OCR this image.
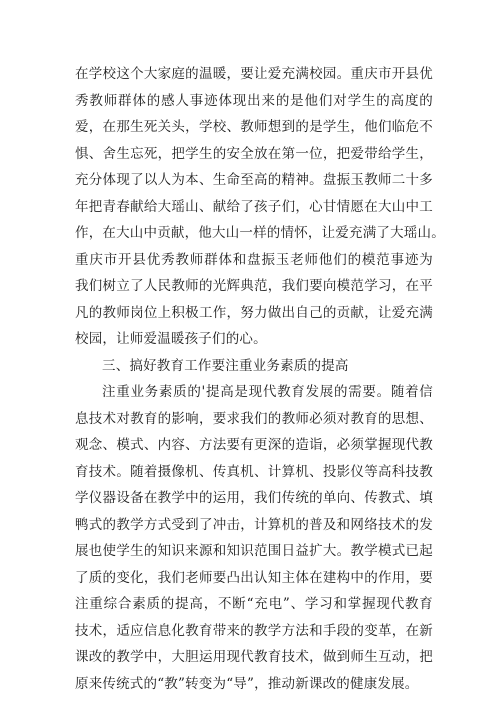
在学校这个大家庭的温暖，要让爱充满校园。重庆市开县优
秀教师群体的感人事迹体现出来的是他们对学生的高度的
爱，在那生死关头，学校、教师想到的是学生，他们临危不
惧、舍生忘死，把学生的安全放在第一位，把爱带给学生，
充分体现了以人为本、生命至高的精神。盘振玉教师二十多
年把青春献给大瑶山、献给了孩子们，心甘情愿在大山中工
作，在大山中贡献，他大山一样的情怀，让爱充满了大瑶山。
重庆市开县优秀教师群体和盘振玉老师他们的模范事迹为
我们树立了人民教师的光辉典范，我们要向模范学习，在平
凡的教师岗位上积极工作，努力做出自己的贡献，让爱充满
校园，让师爱温暖孩子们的心。
三、搞好教育工作要注重业务素质的提高
注重业务素质的'提高是现代教育发展的需要。随着信
息技术对教育的影响，要求我们的教师必须对教育的思想、
观念、模式、内容、方法要有更深的造诣，必须掌握现代教
育技术。随着摄像机、传真机、计算机、投影仪等高科技教
学仪器设备在教学中的运用，我们传统的单向、传教式、填
鸭式的教学方式受到了冲击，计算机的普及和网络技术的发
展也使学生的知识来源和知识范围日益扩大。教学模式已起
了质的变化，我们老师要凸出认知主体在建构中的作用，要
注重综合素质的提高，不断“充电”、学习和掌握现代教育
技术，适应信息化教育带来的教学方法和手段的变革，在新
课改的教学中，大胆运用现代教育技术，做到师生互动，把
原来传统式的“教”转变为“导”，推动新课改的健康发展。
